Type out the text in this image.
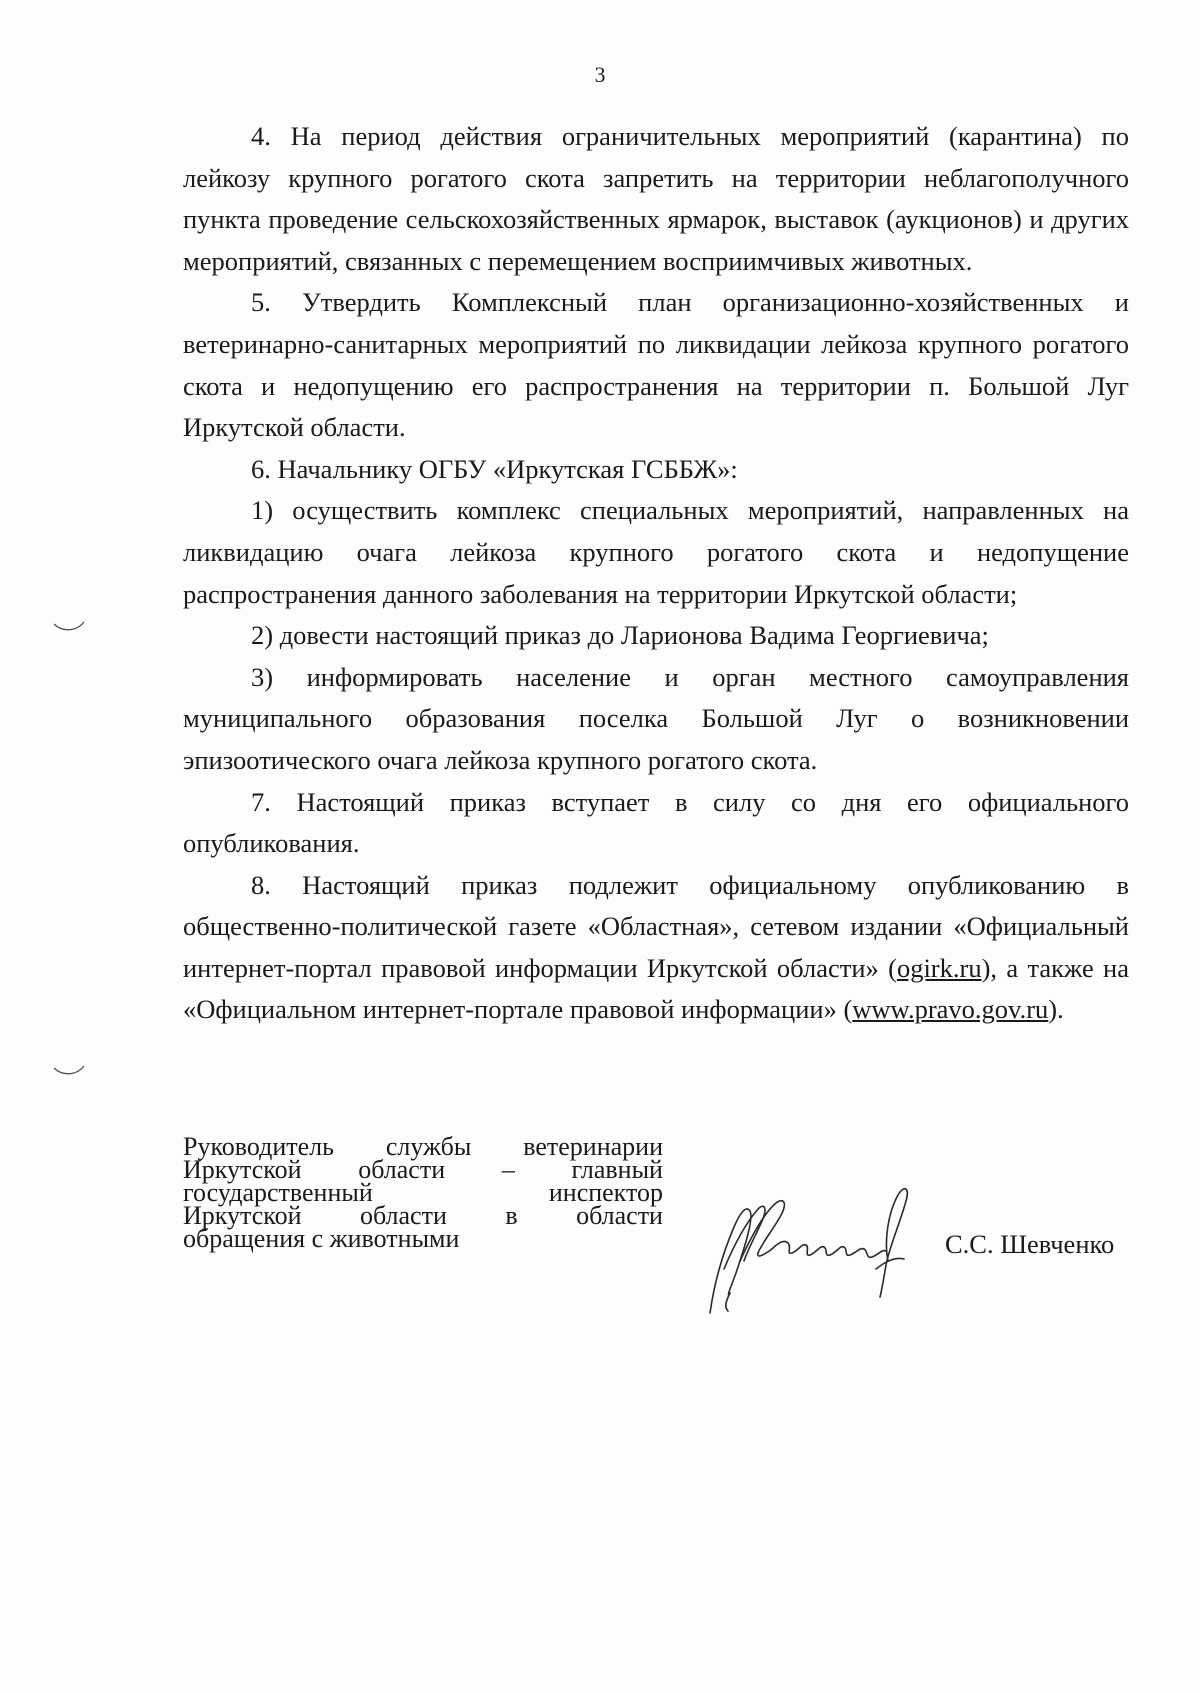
3

4. На период действия ограничительных мероприятий (карантина) по лейкозу крупного рогатого скота запретить на территории неблагополучного пункта проведение сельскохозяйственных ярмарок, выставок (аукционов) и других мероприятий, связанных с перемещением восприимчивых животных.

5. Утвердить Комплексный план организационно-хозяйственных и ветеринарно-санитарных мероприятий по ликвидации лейкоза крупного рогатого скота и недопущению его распространения на территории п. Большой Луг Иркутской области.

6. Начальнику ОГБУ «Иркутская ГСББЖ»:

1) осуществить комплекс специальных мероприятий, направленных на ликвидацию очага лейкоза крупного рогатого скота и недопущение распространения данного заболевания на территории Иркутской области;

2) довести настоящий приказ до Ларионова Вадима Георгиевича;

3) информировать население и орган местного самоуправления муниципального образования поселка Большой Луг о возникновении эпизоотического очага лейкоза крупного рогатого скота.

7. Настоящий приказ вступает в силу со дня его официального опубликования.

8. Настоящий приказ подлежит официальному опубликованию в общественно-политической газете «Областная», сетевом издании «Официальный интернет-портал правовой информации Иркутской области» (ogirk.ru), а также на «Официальном интернет-портале правовой информации» (www.pravo.gov.ru).

Руководитель службы ветеринарии
Иркутской области – главный
государственный	инспектор
Иркутской области в области
обращения с животными	С.С. Шевченко
